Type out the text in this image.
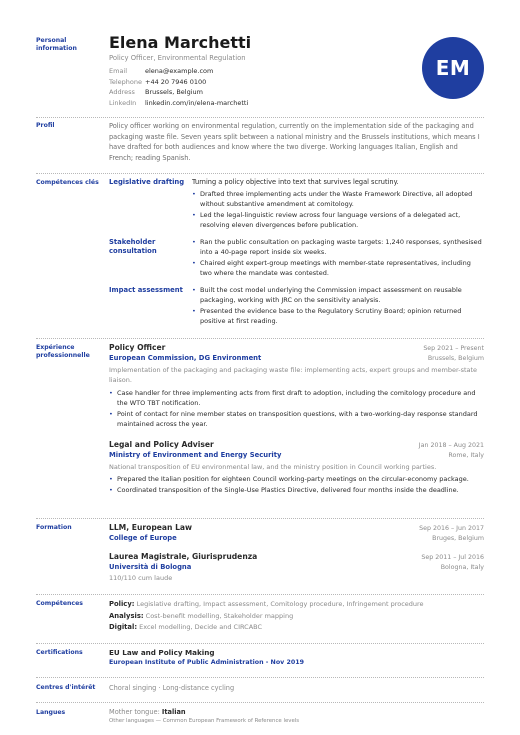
Personal information	Elena Marchetti
Policy Officer, Environmental Regulation
Email	elena@example.com
Telephone +44 20 7946 0100
Address	Brussels, Belgium
LinkedIn	linkedin.com/in/elena-marchetti
EM
Profil	Policy officer working on environmental regulation, currently on the implementation side of the packaging and packaging waste file. Seven years split between a national ministry and the Brussels institutions, which means I have drafted for both audiences and know where the two diverge. Working languages Italian, English and French; reading Spanish.
Compétences clés	Turning a policy objective into text that survives legal scrutiny.
Legislative drafting
• Drafted three implementing acts under the Waste Framework Directive, all adopted without substantive amendment at comitology.
• Led the legal-linguistic review across four language versions of a delegated act, resolving eleven divergences before publication.
Stakeholder consultation
• Ran the public consultation on packaging waste targets: 1,240 responses, synthesised into a 40-page report inside six weeks.
• Chaired eight expert-group meetings with member-state representatives, including two where the mandate was contested.
Impact assessment
•	Built the cost model underlying the Commission impact assessment on reusable packaging, working with JRC on the sensitivity analysis.
• Presented the evidence base to the Regulatory Scrutiny Board; opinion returned positive at first reading.
Expérience professionnelle
Policy Officer	Sep 2021 – Present
European Commission, DG Environment	Brussels, Belgium
Implementation of the packaging and packaging waste file: implementing acts, expert groups and member-state liaison.
• Case handler for three implementing acts from first draft to adoption, including the comitology procedure and the WTO TBT notification.
• Point of contact for nine member states on transposition questions, with a two-working-day response standard maintained across the year.
Legal and Policy Adviser	Jan 2018 – Aug 2021
Ministry of Environment and Energy Security	Rome, Italy
National transposition of EU environmental law, and the ministry position in Council working parties.
• Prepared the Italian position for eighteen Council working-party meetings on the circular-economy package.
• Coordinated transposition of the Single-Use Plastics Directive, delivered four months inside the deadline.
Formation	LLM, European Law	Sep 2016 – Jun 2017
College of Europe	Bruges, Belgium
Laurea Magistrale, Giurisprudenza	Sep 2011 – Jul 2016
Università di Bologna	Bologna, Italy
110/110 cum laude
Compétences	Policy: Legislative drafting, Impact assessment, Comitology procedure, Infringement procedure
Analysis: Cost-benefit modelling, Stakeholder mapping
Digital: Excel modelling, Decide and CIRCABC
Certifications	EU Law and Policy Making
European Institute of Public Administration - Nov 2019
Centres d'intérêt	Choral singing · Long-distance cycling
Langues	Mother tongue: Italian
Other languages — Common European Framework of Reference levels
